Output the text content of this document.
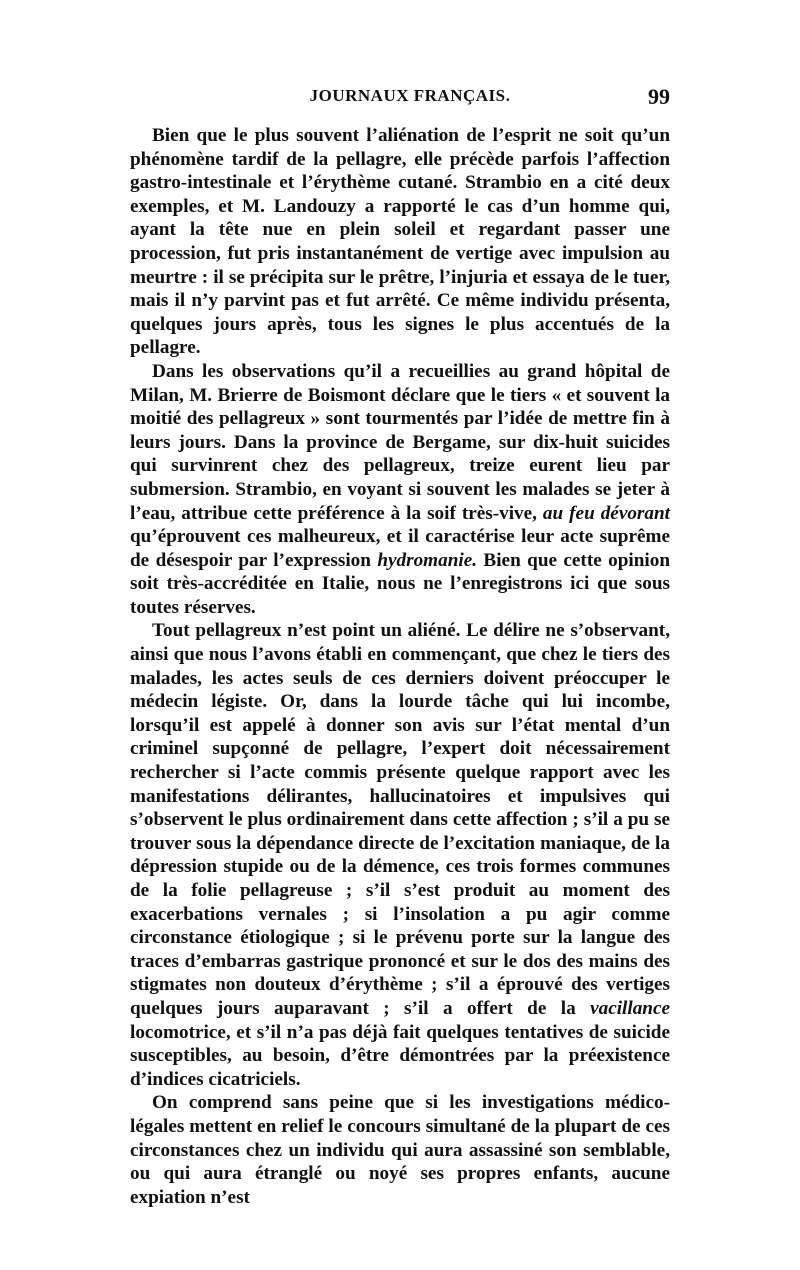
JOURNAUX FRANÇAIS.	99

Bien que le plus souvent l’aliénation de l’esprit ne soit qu’un phénomène tardif de la pellagre, elle précède parfois l’affection gastro-intestinale et l’érythème cutané. Strambio en a cité deux exemples, et M. Landouzy a rapporté le cas d’un homme qui, ayant la tête nue en plein soleil et regardant passer une procession, fut pris instantanément de vertige avec impulsion au meurtre : il se précipita sur le prêtre, l’injuria et essaya de le tuer, mais il n’y parvint pas et fut arrêté. Ce même individu présenta, quelques jours après, tous les signes le plus accentués de la pellagre.

Dans les observations qu’il a recueillies au grand hôpital de Milan, M. Brierre de Boismont déclare que le tiers « et souvent la moitié des pellagreux » sont tourmentés par l’idée de mettre fin à leurs jours. Dans la province de Bergame, sur dix-huit suicides qui survinrent chez des pellagreux, treize eurent lieu par submersion. Strambio, en voyant si souvent les malades se jeter à l’eau, attribue cette préférence à la soif très-vive, au feu dévorant qu’éprouvent ces malheureux, et il caractérise leur acte suprême de désespoir par l’expression hydromanie. Bien que cette opinion soit très-accréditée en Italie, nous ne l’enregistrons ici que sous toutes réserves.

Tout pellagreux n’est point un aliéné. Le délire ne s’observant, ainsi que nous l’avons établi en commençant, que chez le tiers des malades, les actes seuls de ces derniers doivent préoccuper le médecin légiste. Or, dans la lourde tâche qui lui incombe, lorsqu’il est appelé à donner son avis sur l’état mental d’un criminel supçonné de pellagre, l’expert doit nécessairement rechercher si l’acte commis présente quelque rapport avec les manifestations délirantes, hallucinatoires et impulsives qui s’observent le plus ordinairement dans cette affection ; s’il a pu se trouver sous la dépendance directe de l’excitation maniaque, de la dépression stupide ou de la démence, ces trois formes communes de la folie pellagreuse ; s’il s’est produit au moment des exacerbations vernales ; si l’insolation a pu agir comme circonstance étiologique ; si le prévenu porte sur la langue des traces d’embarras gastrique prononcé et sur le dos des mains des stigmates non douteux d’érythème ; s’il a éprouvé des vertiges quelques jours auparavant ; s’il a offert de la vacillance locomotrice, et s’il n’a pas déjà fait quelques tentatives de suicide susceptibles, au besoin, d’être démontrées par la préexistence d’indices cicatriciels.

On comprend sans peine que si les investigations médico-légales mettent en relief le concours simultané de la plupart de ces circonstances chez un individu qui aura assassiné son semblable, ou qui aura étranglé ou noyé ses propres enfants, aucune expiation n’est
